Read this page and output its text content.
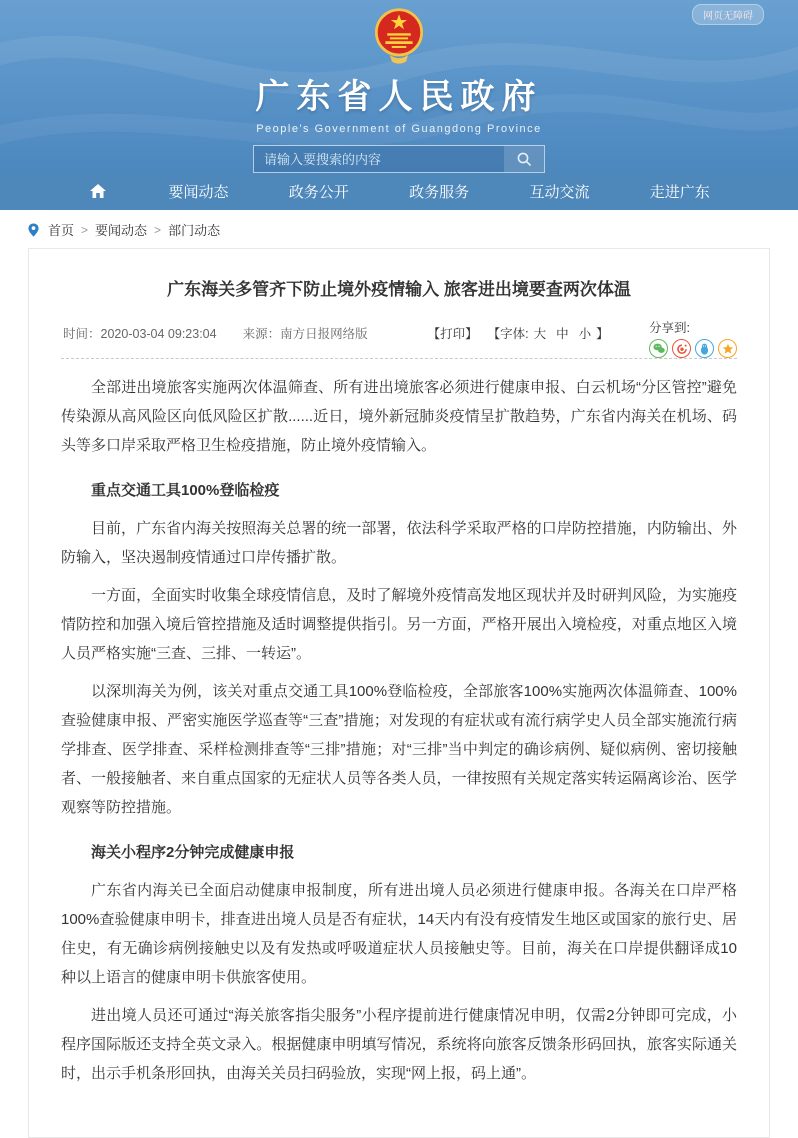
网页无障碍
广东省人民政府
People's Government of Guangdong Province
请输入要搜索的内容
要闻动态	政务公开	政务服务	互动交流	走进广东
首页 > 要闻动态 > 部门动态
广东海关多管齐下防止境外疫情输入 旅客进出境要查两次体温
时间：2020-03-04 09:23:04 来源：南方日报网络版	【打印】 【字体: 大 中 小 】	分享到:

全部进出境旅客实施两次体温筛查、所有进出境旅客必须进行健康申报、白云机场“分区管控”避免传染源从高风险区向低风险区扩散......近日，境外新冠肺炎疫情呈扩散趋势，广东省内海关在机场、码头等多口岸采取严格卫生检疫措施，防止境外疫情输入。

重点交通工具100%登临检疫

目前，广东省内海关按照海关总署的统一部署，依法科学采取严格的口岸防控措施，内防输出、外防输入，坚决遏制疫情通过口岸传播扩散。

一方面，全面实时收集全球疫情信息，及时了解境外疫情高发地区现状并及时研判风险，为实施疫情防控和加强入境后管控措施及适时调整提供指引。另一方面，严格开展出入境检疫，对重点地区入境人员严格实施“三查、三排、一转运”。

以深圳海关为例，该关对重点交通工具100%登临检疫，全部旅客100%实施两次体温筛查、100%查验健康申报、严密实施医学巡查等“三查”措施；对发现的有症状或有流行病学史人员全部实施流行病学排查、医学排查、采样检测排查等“三排”措施；对“三排”当中判定的确诊病例、疑似病例、密切接触者、一般接触者、来自重点国家的无症状人员等各类人员，一律按照有关规定落实转运隔离诊治、医学观察等防控措施。

海关小程序2分钟完成健康申报

广东省内海关已全面启动健康申报制度，所有进出境人员必须进行健康申报。各海关在口岸严格100%查验健康申明卡，排查进出境人员是否有症状，14天内有没有疫情发生地区或国家的旅行史、居住史，有无确诊病例接触史以及有发热或呼吸道症状人员接触史等。目前，海关在口岸提供翻译成10种以上语言的健康申明卡供旅客使用。

进出境人员还可通过“海关旅客指尖服务”小程序提前进行健康情况申明，仅需2分钟即可完成，小程序国际版还支持全英文录入。根据健康申明填写情况，系统将向旅客反馈条形码回执，旅客实际通关时，出示手机条形回执，由海关关员扫码验放，实现“网上报，码上通”。
